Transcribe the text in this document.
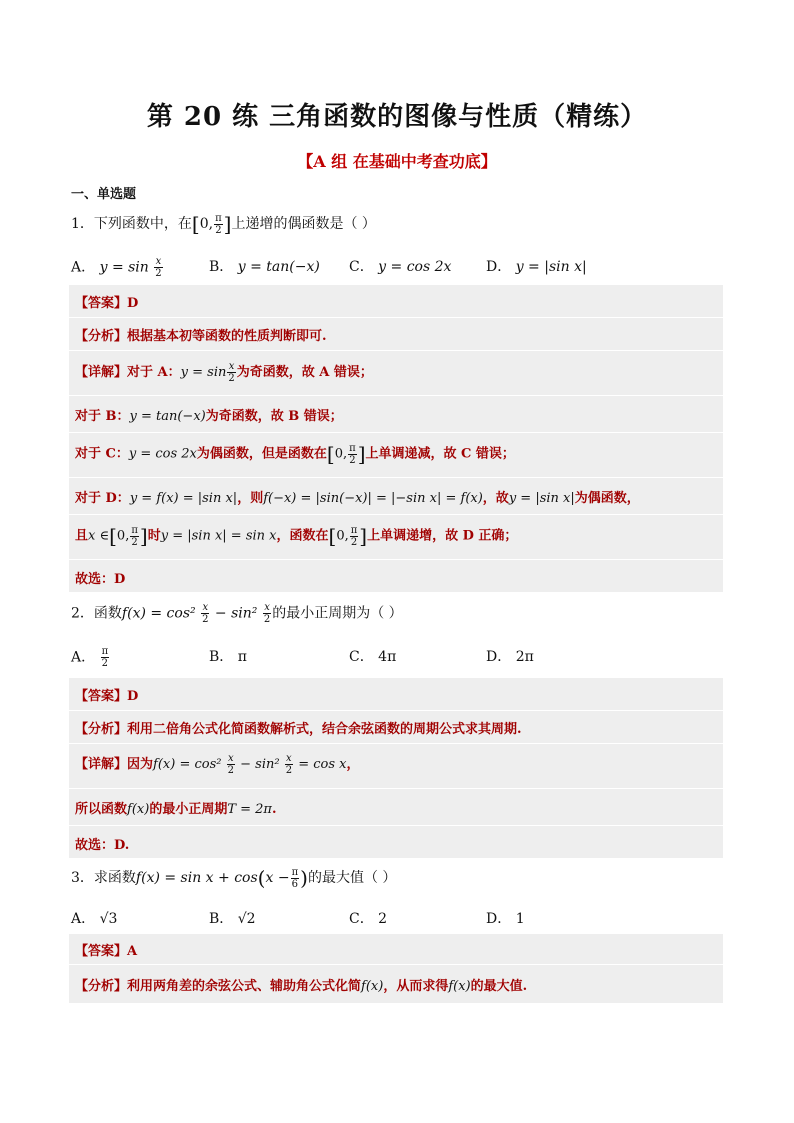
第 20 练 三角函数的图像与性质（精练）
【A 组 在基础中考查功底】
一、单选题
1．下列函数中，在[0, $\frac{\pi}{2}$ ]上递增的偶函数是（ ）
A． $y = \sin \frac{x}{2}$	B． y = tan(−x) C． y = cos 2x D． y = |sin x|
【答案】D
【分析】根据基本初等函数的性质判断即可.
【详解】对于 A：$y = \sin \frac{x}{2}$ 为奇函数，故 A 错误；
对于 B：y = tan(−x)为奇函数，故 B 错误；
对于 C：y = cos 2x为偶函数，但是函数在[0, $\frac{\pi}{2}$ ]上单调递减，故 C 错误；
对于 D：y = f(x) = |sin x|，则f(−x) = |sin(−x)| = |−sin x| = f(x)，故y = |sin x|为偶函数，
且x ∈[0, $\frac{\pi}{2}$ ]时y = |sin x| = sin x，函数在[0, $\frac{\pi}{2}$ ]上单调递增，故 D 正确；
故选：D
2．函数$f(x) = \cos^2 \frac{x}{2} - \sin^2 \frac{x}{2}$ 的最小正周期为（ ）
A． $\frac{\pi}{2}$	B． π	C． 4π	D． 2π
【答案】D
【分析】利用二倍角公式化简函数解析式，结合余弦函数的周期公式求其周期.
【详解】因为$f(x) = \cos^2 \frac{x}{2} - \sin^2 \frac{x}{2} = \cos x$，
所以函数f(x)的最小正周期T = 2π.
故选：D.
3．求函数$f(x) = \sin x + \cos(x - \frac{\pi}{6}$ )的最大值（ ）
A． √3	B． √2	C． 2	D． 1
【答案】A
【分析】利用两角差的余弦公式、辅助角公式化简f(x)，从而求得f(x)的最大值.
